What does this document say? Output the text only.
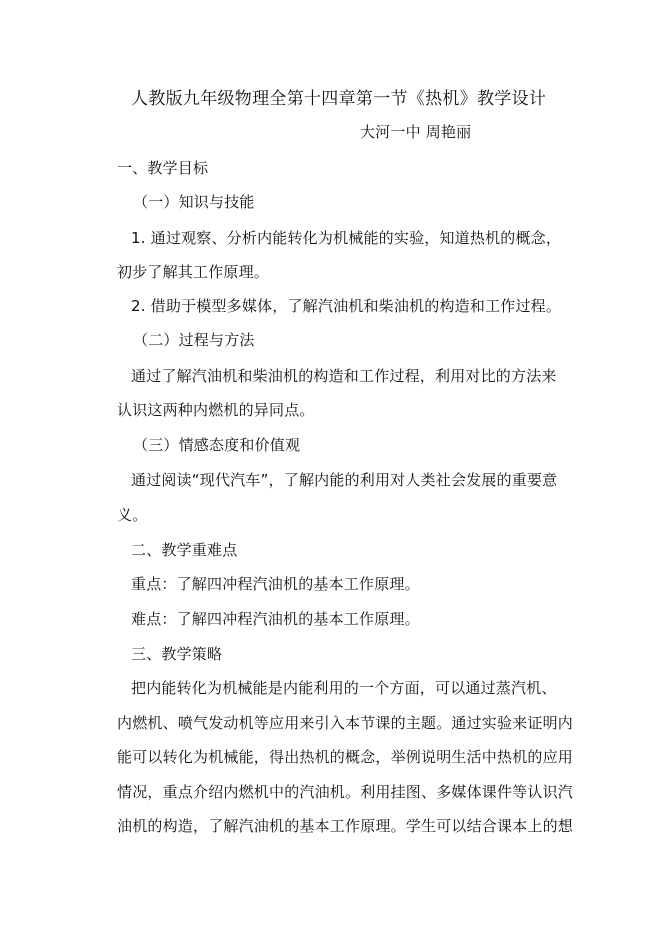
人教版九年级物理全第十四章第一节《热机》教学设计
大河一中 周艳丽
一、教学目标
（一）知识与技能
1. 通过观察、分析内能转化为机械能的实验，知道热机的概念，
初步了解其工作原理。
2. 借助于模型多媒体，了解汽油机和柴油机的构造和工作过程。
（二）过程与方法
通过了解汽油机和柴油机的构造和工作过程，利用对比的方法来
认识这两种内燃机的异同点。
（三）情感态度和价值观
通过阅读“现代汽车”，了解内能的利用对人类社会发展的重要意
义。
二、教学重难点
重点：了解四冲程汽油机的基本工作原理。
难点：了解四冲程汽油机的基本工作原理。
三、教学策略
把内能转化为机械能是内能利用的一个方面，可以通过蒸汽机、
内燃机、喷气发动机等应用来引入本节课的主题。通过实验来证明内
能可以转化为机械能，得出热机的概念，举例说明生活中热机的应用
情况，重点介绍内燃机中的汽油机。利用挂图、多媒体课件等认识汽
油机的构造，了解汽油机的基本工作原理。学生可以结合课本上的想
